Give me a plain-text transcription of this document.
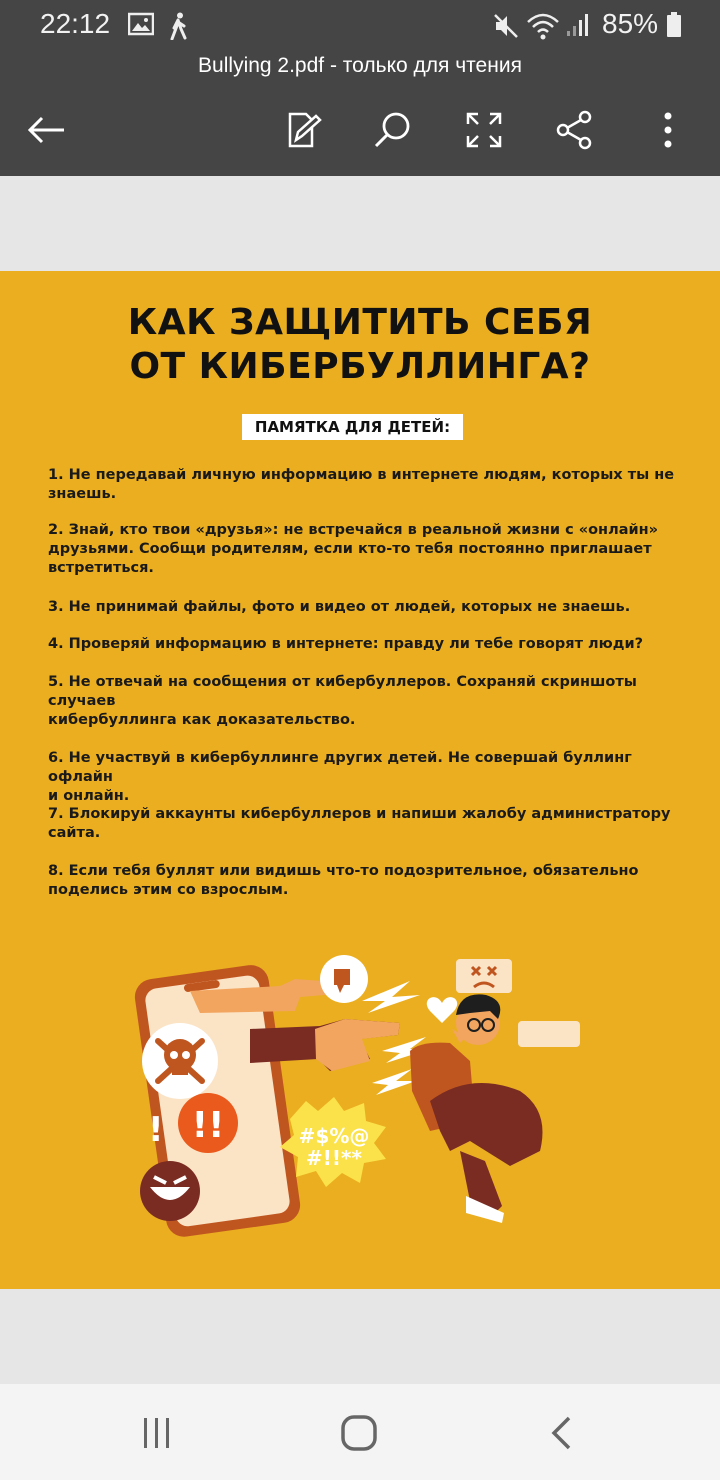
22:12	85%
Bullying 2.pdf - только для чтения
КАК ЗАЩИТИТЬ СЕБЯ
ОТ КИБЕРБУЛЛИНГА?
ПАМЯТКА ДЛЯ ДЕТЕЙ:
1. Не передавай личную информацию в интернете людям, которых ты не
знаешь.
2. Знай, кто твои «друзья»: не встречайся в реальной жизни с «онлайн»
друзьями. Сообщи родителям, если кто-то тебя постоянно приглашает
встретиться.
3. Не принимай файлы, фото и видео от людей, которых не знаешь.
4. Проверяй информацию в интернете: правду ли тебе говорят люди?
5. Не отвечай на сообщения от кибербуллеров. Сохраняй скриншоты
случаев
кибербуллинга как доказательство.
6. Не участвуй в кибербуллинге других детей. Не совершай буллинг офлайн
и онлайн.
7. Блокируй аккаунты кибербуллеров и напиши жалобу администратору
сайта.
8. Если тебя буллят или видишь что-то подозрительное, обязательно
поделись этим со взрослым.
!!
!	#$%@
#!!**
